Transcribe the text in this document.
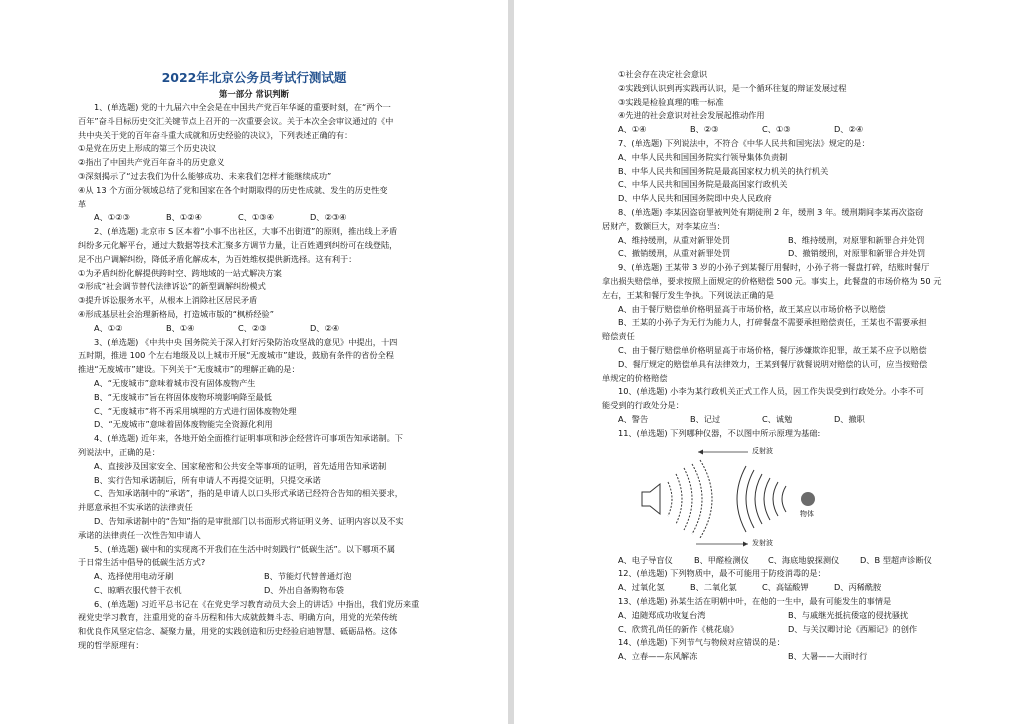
2022年北京公务员考试行测试题

第一部分 常识判断

1、(单选题) 党的十九届六中全会是在中国共产党百年华诞的重要时刻，在“两个一

百年”奋斗目标历史交汇关键节点上召开的一次重要会议。关于本次全会审议通过的《中

共中央关于党的百年奋斗重大成就和历史经验的决议》，下列表述正确的有：

①是党在历史上形成的第三个历史决议

②指出了中国共产党百年奋斗的历史意义

③深刻揭示了“过去我们为什么能够成功、未来我们怎样才能继续成功”

④从 13 个方面分领域总结了党和国家在各个时期取得的历史性成就、发生的历史性变

革

A、①②③	B、①②④	C、①③④	D、②③④

2、(单选题) 北京市 S 区本着“小事不出社区，大事不出街道”的原则，推出线上矛盾

纠纷多元化解平台，通过大数据等技术汇聚多方调节力量，让百姓遇到纠纷可在线登陆，

足不出户调解纠纷，降低矛盾化解成本，为百姓维权提供新选择。这有利于：

①为矛盾纠纷化解提供跨时空、跨地域的一站式解决方案

②形成“社会调节替代法律诉讼”的新型调解纠纷模式

③提升诉讼服务水平，从根本上消除社区居民矛盾

④形成基层社会治理新格局，打造城市版的“枫桥经验”

A、①②	B、①④	C、②③	D、②④

3、(单选题) 《中共中央 国务院关于深入打好污染防治攻坚战的意见》中提出，十四

五时期，推进 100 个左右地级及以上城市开展“无废城市”建设，鼓励有条件的省份全程

推进“无废城市”建设。下列关于“无废城市”的理解正确的是：

A、“无废城市”意味着城市没有固体废物产生

B、“无废城市”旨在将固体废物环境影响降至最低

C、“无废城市”将不再采用填埋的方式进行固体废物处理

D、“无废城市”意味着固体废物能完全资源化利用

4、(单选题) 近年来，各地开始全面推行证明事项和涉企经营许可事项告知承诺制。下

列说法中，正确的是：

A、直接涉及国家安全、国家秘密和公共安全等事项的证明，首先适用告知承诺制

B、实行告知承诺制后，所有申请人不再提交证明，只提交承诺

C、告知承诺制中的“承诺”，指的是申请人以口头形式承诺已经符合告知的相关要求，

并愿意承担不实承诺的法律责任

D、告知承诺制中的“告知”指的是审批部门以书面形式将证明义务、证明内容以及不实

承诺的法律责任一次性告知申请人

5、(单选题) 碳中和的实现离不开我们在生活中时刻践行“低碳生活”。以下哪项不属

于日常生活中倡导的低碳生活方式?

A、选择使用电动牙刷	B、节能灯代替普通灯泡
C、晾晒衣服代替干衣机	D、外出自备购物布袋

6、(单选题) 习近平总书记在《在党史学习教育动员大会上的讲话》中指出，我们党历来重

视党史学习教育，注重用党的奋斗历程和伟大成就鼓舞斗志、明确方向，用党的光荣传统

和优良作风坚定信念、凝聚力量，用党的实践创造和历史经验启迪智慧、砥砺品格。这体

现的哲学原理有：

①社会存在决定社会意识

②实践到认识到再实践再认识，是一个循环往复的辩证发展过程

③实践是检验真理的唯一标准

④先进的社会意识对社会发展起推动作用

A、①④	B、②③	C、①③	D、②④

7、(单选题) 下列说法中，不符合《中华人民共和国宪法》规定的是：

A、中华人民共和国国务院实行领导集体负责制

B、中华人民共和国国务院是最高国家权力机关的执行机关

C、中华人民共和国国务院是最高国家行政机关

D、中华人民共和国国务院即中央人民政府

8、(单选题) 李某因盗窃罪被判处有期徒刑 2 年，缓刑 3 年。缓刑期间李某再次盗窃

居财产，数额巨大，对李某应当：

A、维持缓刑，从重对新罪处罚	B、维持缓刑，对原罪和新罪合并处罚
C、撤销缓刑，从重对新罪处罚	D、撤销缓刑，对原罪和新罪合并处罚

9、(单选题) 王某带 3 岁的小孙子到某餐厅用餐时，小孙子将一餐盘打碎，结账时餐厅

拿出损失赔偿单，要求按照上面规定的价格赔偿 500 元。事实上，此餐盘的市场价格为 50 元

左右，王某和餐厅发生争执。下列说法正确的是

A、由于餐厅赔偿单价格明显高于市场价格，故王某应以市场价格予以赔偿

B、王某的小孙子为无行为能力人，打碎餐盘不需要承担赔偿责任，王某也不需要承担

赔偿责任

C、由于餐厅赔偿单价格明显高于市场价格，餐厅涉嫌欺诈犯罪，故王某不应予以赔偿

D、餐厅规定的赔偿单具有法律效力，王某到餐厅就餐说明对赔偿的认可，应当按赔偿

单规定的价格赔偿

10、(单选题) 小李为某行政机关正式工作人员，因工作失误受到行政处分。小李不可

能受到的行政处分是：

A、警告	B、记过	C、诚勉	D、撤职

11、(单选题) 下列哪种仪器，不以图中所示原理为基础:

反射波
物体
发射波
A、电子导盲仪	B、甲醛检测仪	C、海底地貌探测仪	D、B 型超声诊断仪

12、(单选题) 下列物质中，最不可能用于防疫消毒的是：

A、过氧化氢	B、二氧化氯	C、高锰酸钾	D、丙稀酰胺

13、(单选题) 孙某生活在明朝中叶，在他的一生中，最有可能发生的事情是

A、追随郑成功收复台湾	B、与戚继光抵抗倭寇的侵扰骚扰
C、欣赏孔尚任的新作《桃花扇》	D、与关汉卿讨论《西厢记》的创作

14、(单选题) 下列节气与物候对应错误的是：

A、立春——东风解冻	B、大暑——大雨时行
